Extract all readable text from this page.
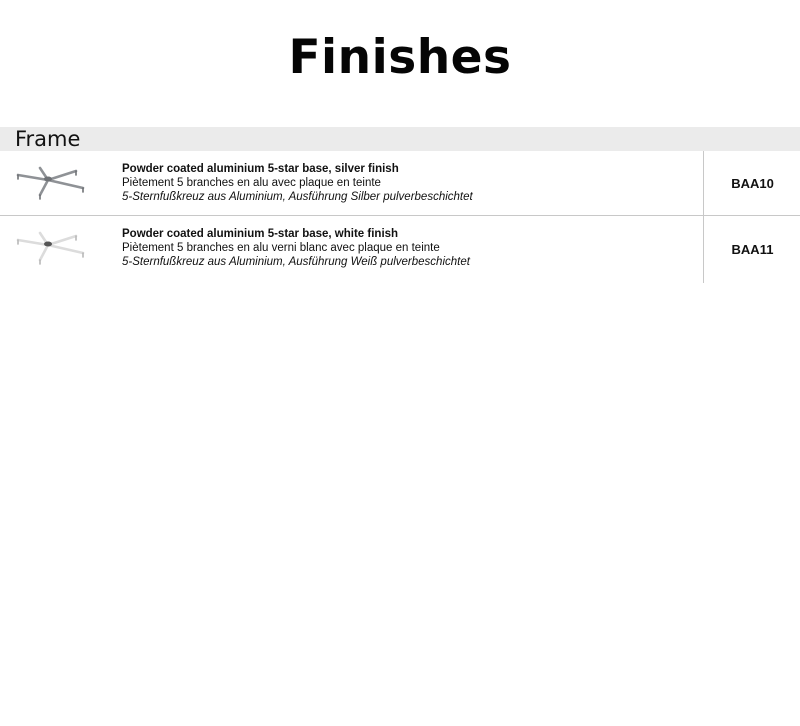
Finishes
Frame
Powder coated aluminium 5-star base, silver finish
Piètement 5 branches en alu avec plaque en teinte
5-Sternfußkreuz aus Aluminium, Ausführung Silber pulverbeschichtet
BAA10
Powder coated aluminium 5-star base, white finish
Piètement 5 branches en alu verni blanc avec plaque en teinte
5-Sternfußkreuz aus Aluminium, Ausführung Weiß pulverbeschichtet
BAA11
